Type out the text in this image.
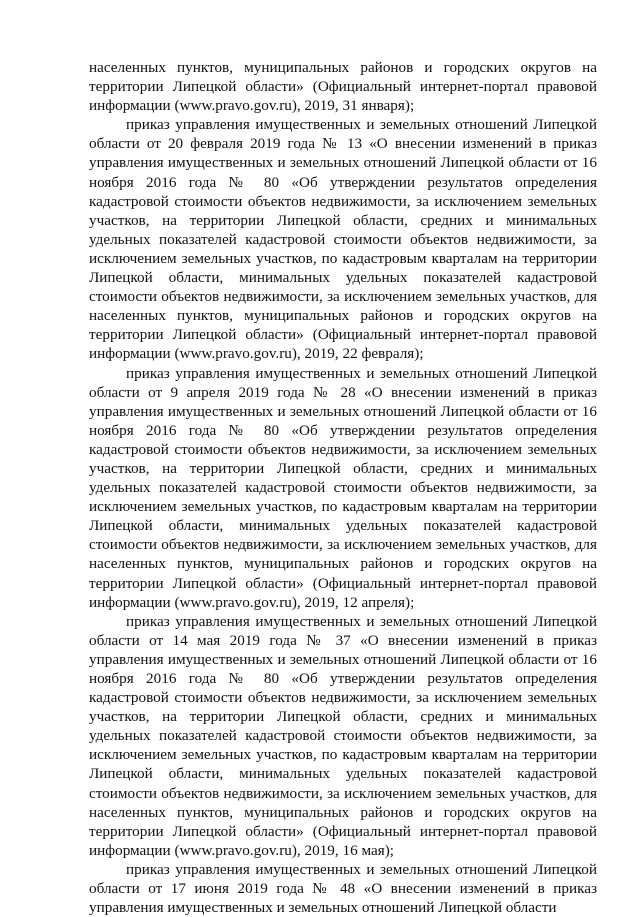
населенных пунктов, муниципальных районов и городских округов на территории Липецкой области» (Официальный интернет-портал правовой информации (www.pravo.gov.ru), 2019, 31 января);

приказ управления имущественных и земельных отношений Липецкой области от 20 февраля 2019 года № 13 «О внесении изменений в приказ управления имущественных и земельных отношений Липецкой области от 16 ноября 2016 года № 80 «Об утверждении результатов определения кадастровой стоимости объектов недвижимости, за исключением земельных участков, на территории Липецкой области, средних и минимальных удельных показателей кадастровой стоимости объектов недвижимости, за исключением земельных участков, по кадастровым кварталам на территории Липецкой области, минимальных удельных показателей кадастровой стоимости объектов недвижимости, за исключением земельных участков, для населенных пунктов, муниципальных районов и городских округов на территории Липецкой области» (Официальный интернет-портал правовой информации (www.pravo.gov.ru), 2019, 22 февраля);

приказ управления имущественных и земельных отношений Липецкой области от 9 апреля 2019 года № 28 «О внесении изменений в приказ управления имущественных и земельных отношений Липецкой области от 16 ноября 2016 года № 80 «Об утверждении результатов определения кадастровой стоимости объектов недвижимости, за исключением земельных участков, на территории Липецкой области, средних и минимальных удельных показателей кадастровой стоимости объектов недвижимости, за исключением земельных участков, по кадастровым кварталам на территории Липецкой области, минимальных удельных показателей кадастровой стоимости объектов недвижимости, за исключением земельных участков, для населенных пунктов, муниципальных районов и городских округов на территории Липецкой области» (Официальный интернет-портал правовой информации (www.pravo.gov.ru), 2019, 12 апреля);

приказ управления имущественных и земельных отношений Липецкой области от 14 мая 2019 года № 37 «О внесении изменений в приказ управления имущественных и земельных отношений Липецкой области от 16 ноября 2016 года № 80 «Об утверждении результатов определения кадастровой стоимости объектов недвижимости, за исключением земельных участков, на территории Липецкой области, средних и минимальных удельных показателей кадастровой стоимости объектов недвижимости, за исключением земельных участков, по кадастровым кварталам на территории Липецкой области, минимальных удельных показателей кадастровой стоимости объектов недвижимости, за исключением земельных участков, для населенных пунктов, муниципальных районов и городских округов на территории Липецкой области» (Официальный интернет-портал правовой информации (www.pravo.gov.ru), 2019, 16 мая);

приказ управления имущественных и земельных отношений Липецкой области от 17 июня 2019 года № 48 «О внесении изменений в приказ управления имущественных и земельных отношений Липецкой области
